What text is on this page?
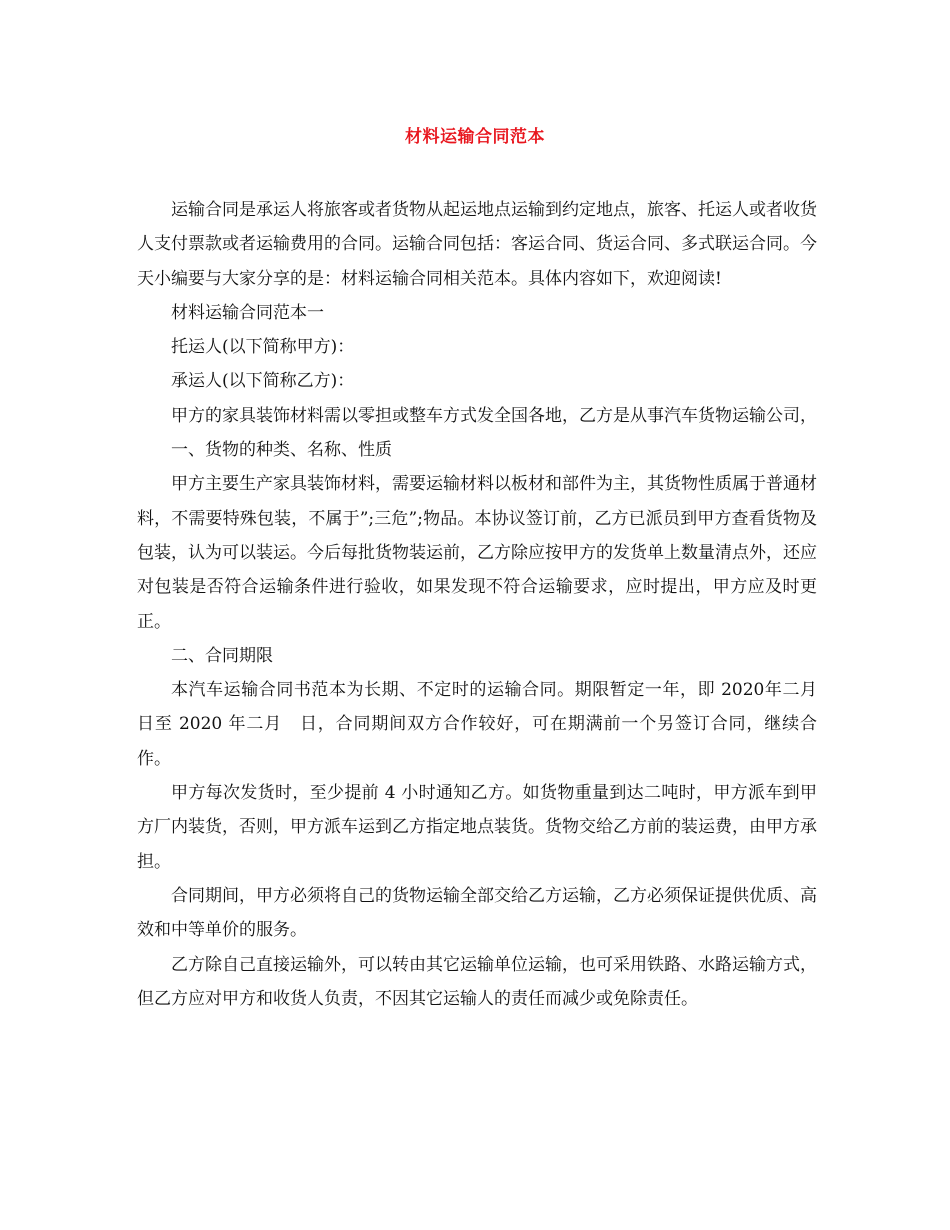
材料运输合同范本

运输合同是承运人将旅客或者货物从起运地点运输到约定地点，旅客、托运人或者收货人支付票款或者运输费用的合同。运输合同包括：客运合同、货运合同、多式联运合同。今天小编要与大家分享的是：材料运输合同相关范本。具体内容如下，欢迎阅读!

材料运输合同范本一

托运人(以下简称甲方)：

承运人(以下简称乙方)：

甲方的家具装饰材料需以零担或整车方式发全国各地，乙方是从事汽车货物运输公司，

一、货物的种类、名称、性质

甲方主要生产家具装饰材料，需要运输材料以板材和部件为主，其货物性质属于普通材料，不需要特殊包装，不属于”;三危”;物品。本协议签订前，乙方已派员到甲方查看货物及包装，认为可以装运。今后每批货物装运前，乙方除应按甲方的发货单上数量清点外，还应对包装是否符合运输条件进行验收，如果发现不符合运输要求，应时提出，甲方应及时更正。

二、合同期限

本汽车运输合同书范本为长期、不定时的运输合同。期限暂定一年，即 2020年二月　日至 2020 年二月　日，合同期间双方合作较好，可在期满前一个另签订合同，继续合作。

甲方每次发货时，至少提前 4 小时通知乙方。如货物重量到达二吨时，甲方派车到甲方厂内装货，否则，甲方派车运到乙方指定地点装货。货物交给乙方前的装运费，由甲方承担。

合同期间，甲方必须将自己的货物运输全部交给乙方运输，乙方必须保证提供优质、高效和中等单价的服务。

乙方除自己直接运输外，可以转由其它运输单位运输，也可采用铁路、水路运输方式，但乙方应对甲方和收货人负责，不因其它运输人的责任而减少或免除责任。
